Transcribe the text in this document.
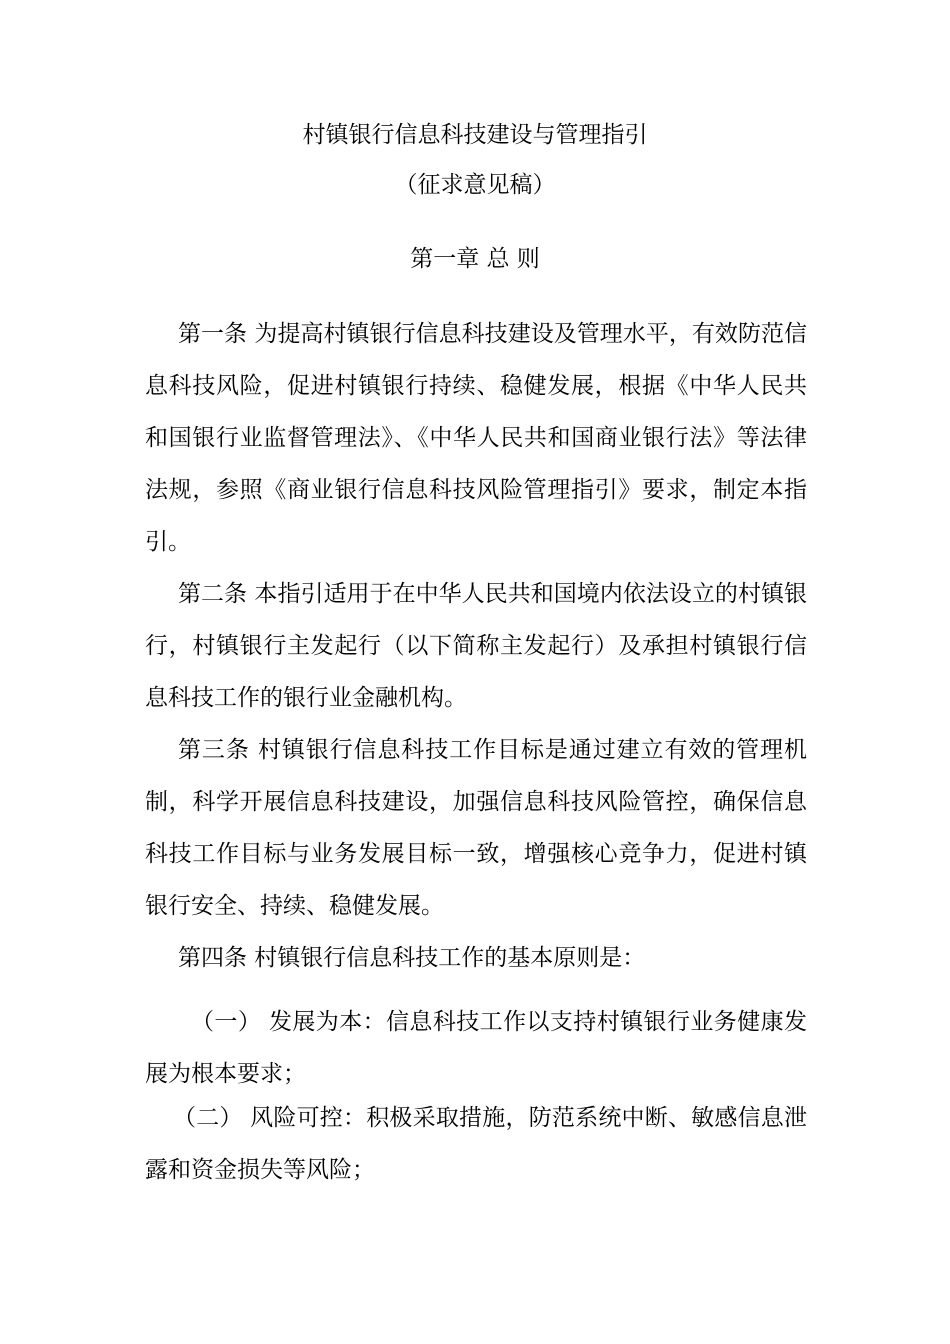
村镇银行信息科技建设与管理指引
（征求意见稿）
第一章 总 则

第一条 为提高村镇银行信息科技建设及管理水平，有效防范信息科技风险，促进村镇银行持续、稳健发展，根据《中华人民共和国银行业监督管理法》、《中华人民共和国商业银行法》等法律法规，参照《商业银行信息科技风险管理指引》要求，制定本指引。

第二条 本指引适用于在中华人民共和国境内依法设立的村镇银行，村镇银行主发起行（以下简称主发起行）及承担村镇银行信息科技工作的银行业金融机构。

第三条 村镇银行信息科技工作目标是通过建立有效的管理机制，科学开展信息科技建设，加强信息科技风险管控，确保信息科技工作目标与业务发展目标一致，增强核心竞争力，促进村镇银行安全、持续、稳健发展。

第四条 村镇银行信息科技工作的基本原则是：

（一） 发展为本：信息科技工作以支持村镇银行业务健康发展为根本要求；

（二） 风险可控：积极采取措施，防范系统中断、敏感信息泄露和资金损失等风险；
